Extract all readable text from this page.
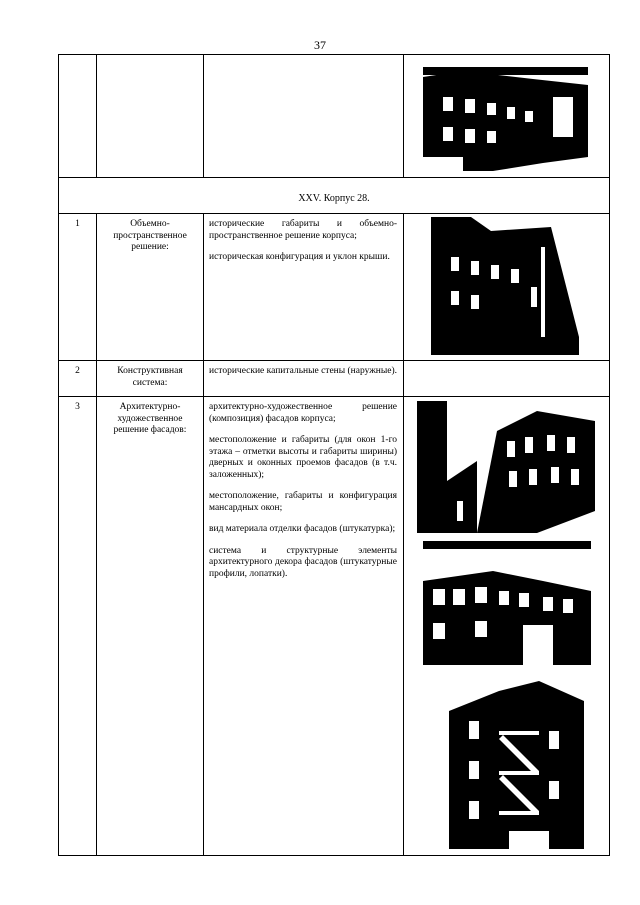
37
XXV. Корпус 28.
1	Объемно-пространственное решение:

исторические габариты и объемно-пространственное решение корпуса;

историческая конфигурация и уклон крыши.

2	Конструктивная система:

исторические капитальные стены (наружные).

3	Архитектурно-художественное решение фасадов:

архитектурно-художественное решение (композиция) фасадов корпуса;

местоположение и габариты (для окон 1-го этажа – отметки высоты и габариты ширины) дверных и оконных проемов фасадов (в т.ч. заложенных);

местоположение, габариты и конфигурация мансардных окон;

вид материала отделки фасадов (штукатурка);

система и структурные элементы архитектурного декора фасадов (штукатурные профили, лопатки).
